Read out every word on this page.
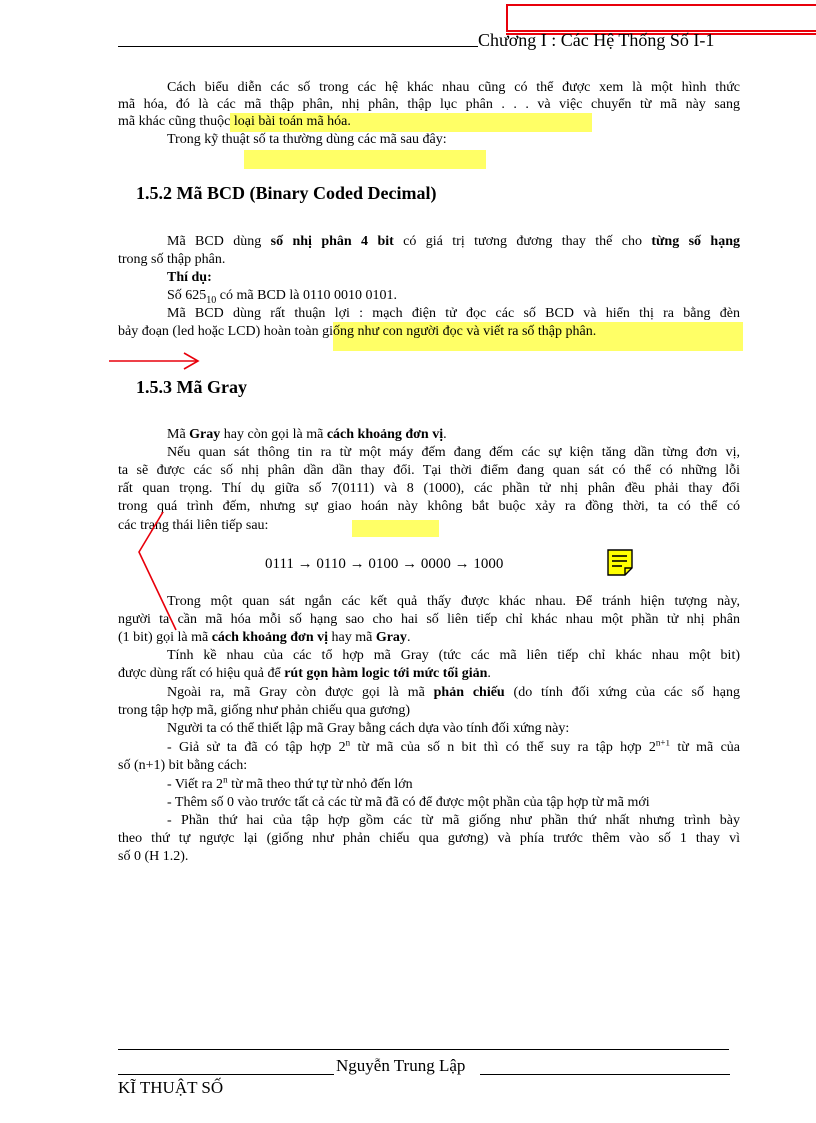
Chương I : Các Hệ Thống Số I-1
Cách biểu diễn các số trong các hệ khác nhau cũng có thể được xem là một hình thức
mã hóa, đó là các mã thập phân, nhị phân, thập lục phân . . . và việc chuyển từ mã này sang
mã khác cũng thuộc loại bài toán mã hóa.
Trong kỹ thuật số ta thường dùng các mã sau đây:
1.5.2 Mã BCD (Binary Coded Decimal)
Mã BCD dùng số nhị phân 4 bit có giá trị tương đương thay thế cho từng số hạng
trong số thập phân.
Thí dụ:
Số $625_{10}$ có mã BCD là 0110 0010 0101.
Mã BCD dùng rất thuận lợi : mạch điện tử đọc các số BCD và hiển thị ra bằng đèn
bảy đoạn (led hoặc LCD) hoàn toàn giống như con người đọc và viết ra số thập phân.
1.5.3 Mã Gray
Mã Gray hay còn gọi là mã cách khoảng đơn vị.
Nếu quan sát thông tin ra từ một máy đếm đang đếm các sự kiện tăng dần từng đơn vị,
ta sẽ được các số nhị phân dần dần thay đổi. Tại thời điểm đang quan sát có thể có những lỗi
rất quan trọng. Thí dụ giữa số 7(0111) và 8 (1000), các phần tử nhị phân đều phải thay đổi
trong quá trình đếm, nhưng sự giao hoán này không bắt buộc xảy ra đồng thời, ta có thể có
các trạng thái liên tiếp sau:
0111 → 0110 → 0100 → 0000 → 1000
Trong một quan sát ngắn các kết quả thấy được khác nhau. Để tránh hiện tượng này,
người ta cần mã hóa mỗi số hạng sao cho hai số liên tiếp chỉ khác nhau một phần tử nhị phân
(1 bit) gọi là mã cách khoảng đơn vị hay mã Gray.
Tính kề nhau của các tổ hợp mã Gray (tức các mã liên tiếp chỉ khác nhau một bit)
được dùng rất có hiệu quả để rút gọn hàm logic tới mức tối giản.
Ngoài ra, mã Gray còn được gọi là mã phản chiếu (do tính đối xứng của các số hạng
trong tập hợp mã, giống như phản chiếu qua gương)
Người ta có thể thiết lập mã Gray bằng cách dựa vào tính đối xứng này:
- Giả sử ta đã có tập hợp 2$^n$ từ mã của số n bit thì có thể suy ra tập hợp $2^{n+1}$ từ mã của
số (n+1) bit bằng cách:
- Viết ra 2$^n$ từ mã theo thứ tự từ nhỏ đến lớn
- Thêm số 0 vào trước tất cả các từ mã đã có để được một phần của tập hợp từ mã mới
- Phần thứ hai của tập hợp gồm các từ mã giống như phần thứ nhất nhưng trình bày
theo thứ tự ngược lại (giống như phản chiếu qua gương) và phía trước thêm vào số 1 thay vì
số 0 (H 1.2).
Nguyễn Trung Lập
KĨ THUẬT SỐ
